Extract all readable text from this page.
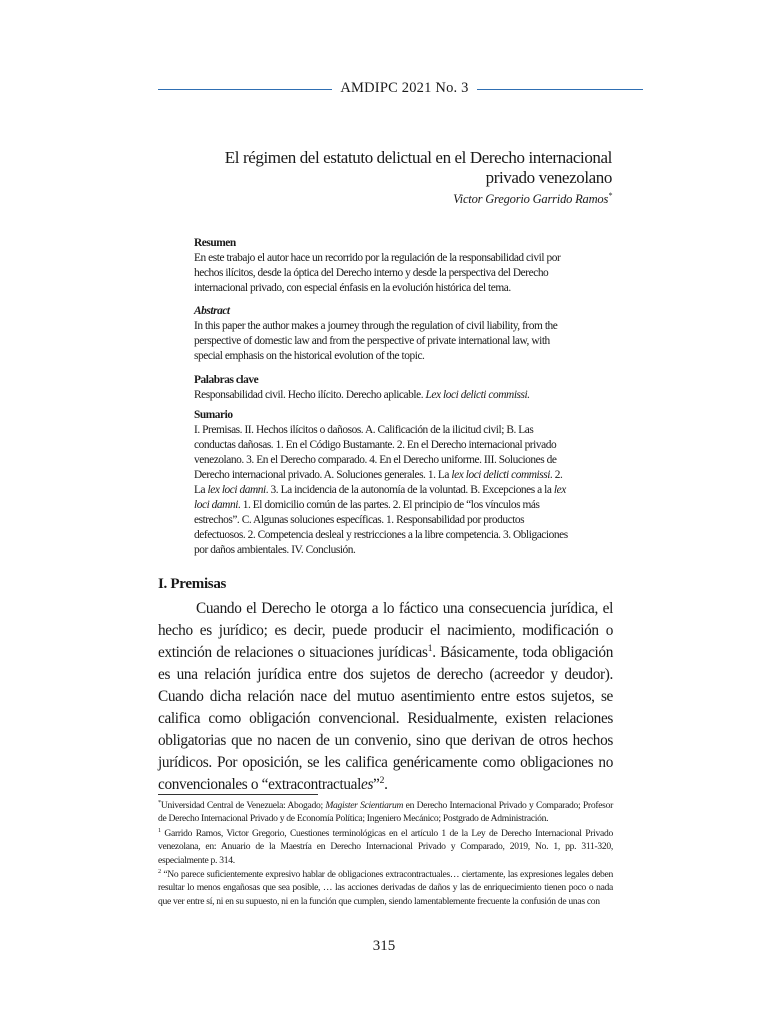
AMDIPC 2021 No. 3
El régimen del estatuto delictual en el Derecho internacional privado venezolano
Victor Gregorio Garrido Ramos*
Resumen
En este trabajo el autor hace un recorrido por la regulación de la responsabilidad civil por hechos ilícitos, desde la óptica del Derecho interno y desde la perspectiva del Derecho internacional privado, con especial énfasis en la evolución histórica del tema.
Abstract
In this paper the author makes a journey through the regulation of civil liability, from the perspective of domestic law and from the perspective of private international law, with special emphasis on the historical evolution of the topic.
Palabras clave
Responsabilidad civil. Hecho ilícito. Derecho aplicable. Lex loci delicti commissi.
Sumario
I. Premisas. II. Hechos ilícitos o dañosos. A. Calificación de la ilicitud civil; B. Las conductas dañosas. 1. En el Código Bustamante. 2. En el Derecho internacional privado venezolano. 3. En el Derecho comparado. 4. En el Derecho uniforme. III. Soluciones de Derecho internacional privado. A. Soluciones generales. 1. La lex loci delicti commissi. 2. La lex loci damni. 3. La incidencia de la autonomía de la voluntad. B. Excepciones a la lex loci damni. 1. El domicilio común de las partes. 2. El principio de “los vínculos más estrechos”. C. Algunas soluciones específicas. 1. Responsabilidad por productos defectuosos. 2. Competencia desleal y restricciones a la libre competencia. 3. Obligaciones por daños ambientales. IV. Conclusión.
I. Premisas
Cuando el Derecho le otorga a lo fáctico una consecuencia jurídica, el hecho es jurídico; es decir, puede producir el nacimiento, modificación o extinción de relaciones o situaciones jurídicas$^1$. Básicamente, toda obligación es una relación jurídica entre dos sujetos de derecho (acreedor y deudor). Cuando dicha relación nace del mutuo asentimiento entre estos sujetos, se califica como obligación convencional. Residualmente, existen relaciones obligatorias que no nacen de un convenio, sino que derivan de otros hechos jurídicos. Por oposición, se les califica genéricamente como obligaciones no convencionales o “extracontractuales”$^2$.
*Universidad Central de Venezuela: Abogado; Magister Scientiarum en Derecho Internacional Privado y Comparado; Profesor de Derecho Internacional Privado y de Economía Política; Ingeniero Mecánico; Postgrado de Administración.
$^1$ Garrido Ramos, Victor Gregorio, Cuestiones terminológicas en el artículo 1 de la Ley de Derecho Internacional Privado venezolana, en: Anuario de la Maestría en Derecho Internacional Privado y Comparado, 2019, No. 1, pp. 311-320, especialmente p. 314.
$^2$ “No parece suficientemente expresivo hablar de obligaciones extracontractuales… ciertamente, las expresiones legales deben resultar lo menos engañosas que sea posible, … las acciones derivadas de daños y las de enriquecimiento tienen poco o nada que ver entre sí, ni en su supuesto, ni en la función que cumplen, siendo lamentablemente frecuente la confusión de unas con
315
